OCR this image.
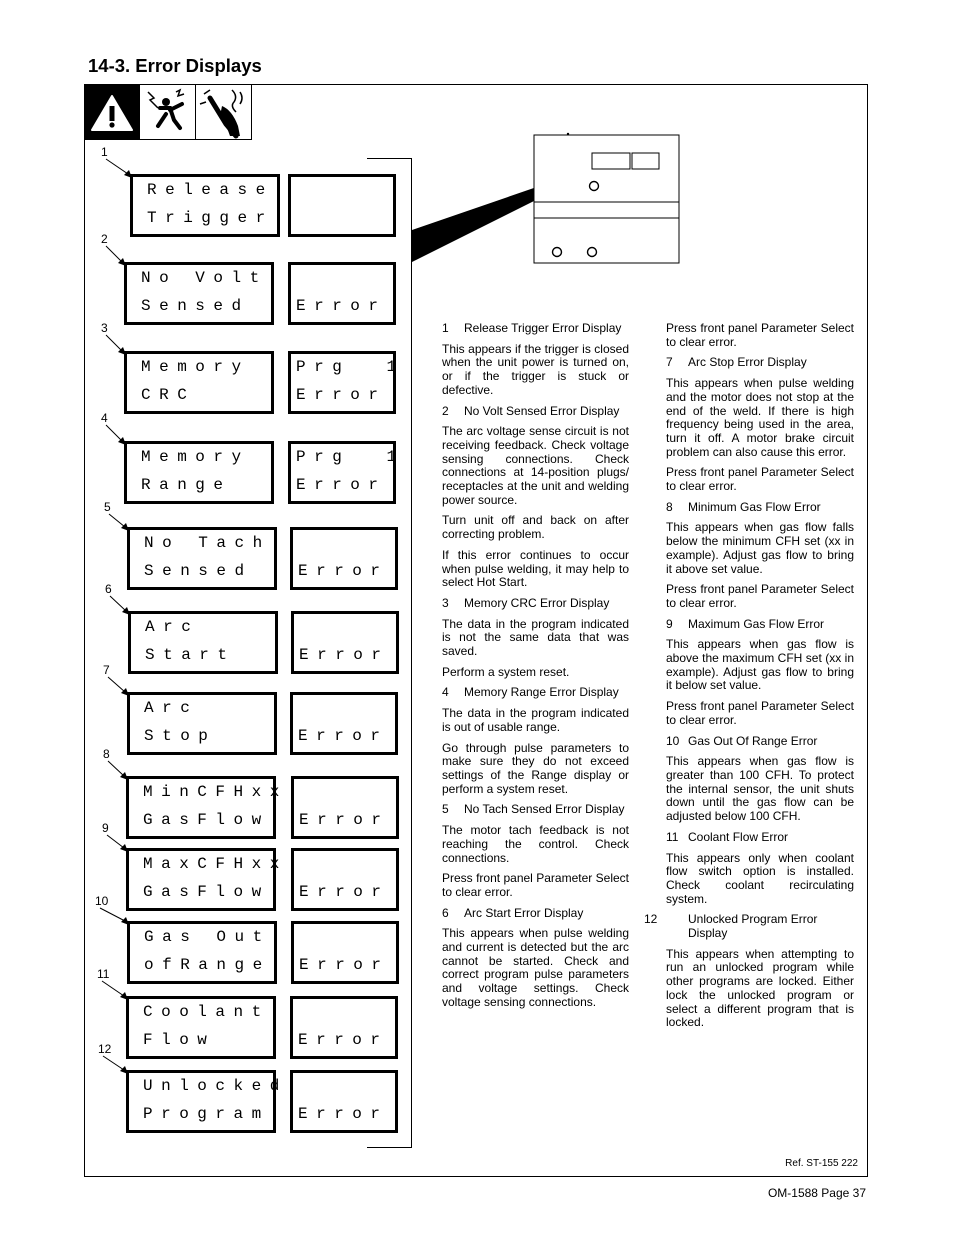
14-3. Error Displays
1
Release
Trigger
2
No Volt
Sensed	Error
3
Memory
CRC
Prg  1
Error
4
Memory
Range
Prg  1
Error
5
No Tach
Sensed	Error
6
Arc
Start	Error
7
Arc
Stop	Error
8
MinCFHxx
GasFlow Error
9
MaxCFHxx
GasFlow Error
10
Gas Out
ofRange Error
11
Coolant
Flow	Error
12
Unlocked
Program Error
1 Release Trigger Error Display

This appears if the trigger is closed when the unit power is turned on, or if the trigger is stuck or defective.

2 No Volt Sensed Error Display

The arc voltage sense circuit is not receiving feedback. Check voltage sensing connections. Check connections at 14-position plugs/ receptacles at the unit and welding power source.

Turn unit off and back on after correcting problem.

If this error continues to occur when pulse welding, it may help to select Hot Start.

3 Memory CRC Error Display

The data in the program indicated is not the same data that was saved.

Perform a system reset.

4 Memory Range Error Display

The data in the program indicated is out of usable range.

Go through pulse parameters to make sure they do not exceed settings of the Range display or perform a system reset.

5 No Tach Sensed Error Display

The motor tach feedback is not reaching the control. Check connections.

Press front panel Parameter Select to clear error.

6 Arc Start Error Display

This appears when pulse welding and current is detected but the arc cannot be started. Check and correct program pulse parameters and voltage settings. Check voltage sensing connections.

Press front panel Parameter Select to clear error.

7 Arc Stop Error Display

This appears when pulse welding and the motor does not stop at the end of the weld. If there is high frequency being used in the area, turn it off. A motor brake circuit problem can also cause this error.

Press front panel Parameter Select to clear error.

8 Minimum Gas Flow Error

This appears when gas flow falls below the minimum CFH set (xx in example). Adjust gas flow to bring it above set value.

Press front panel Parameter Select to clear error.

9 Maximum Gas Flow Error

This appears when gas flow is above the maximum CFH set (xx in example). Adjust gas flow to bring it below set value.

Press front panel Parameter Select to clear error.

10 Gas Out Of Range Error

This appears when gas flow is greater than 100 CFH. To protect the internal sensor, the unit shuts down until the gas flow can be adjusted below 100 CFH.

11 Coolant Flow Error

This appears only when coolant flow switch option is installed. Check coolant recirculating system.

12	Unlocked Program Error Display

This appears when attempting to run an unlocked program while other programs are locked. Either lock the unlocked program or select a different program that is locked.

Ref. ST-155 222
OM-1588 Page 37
